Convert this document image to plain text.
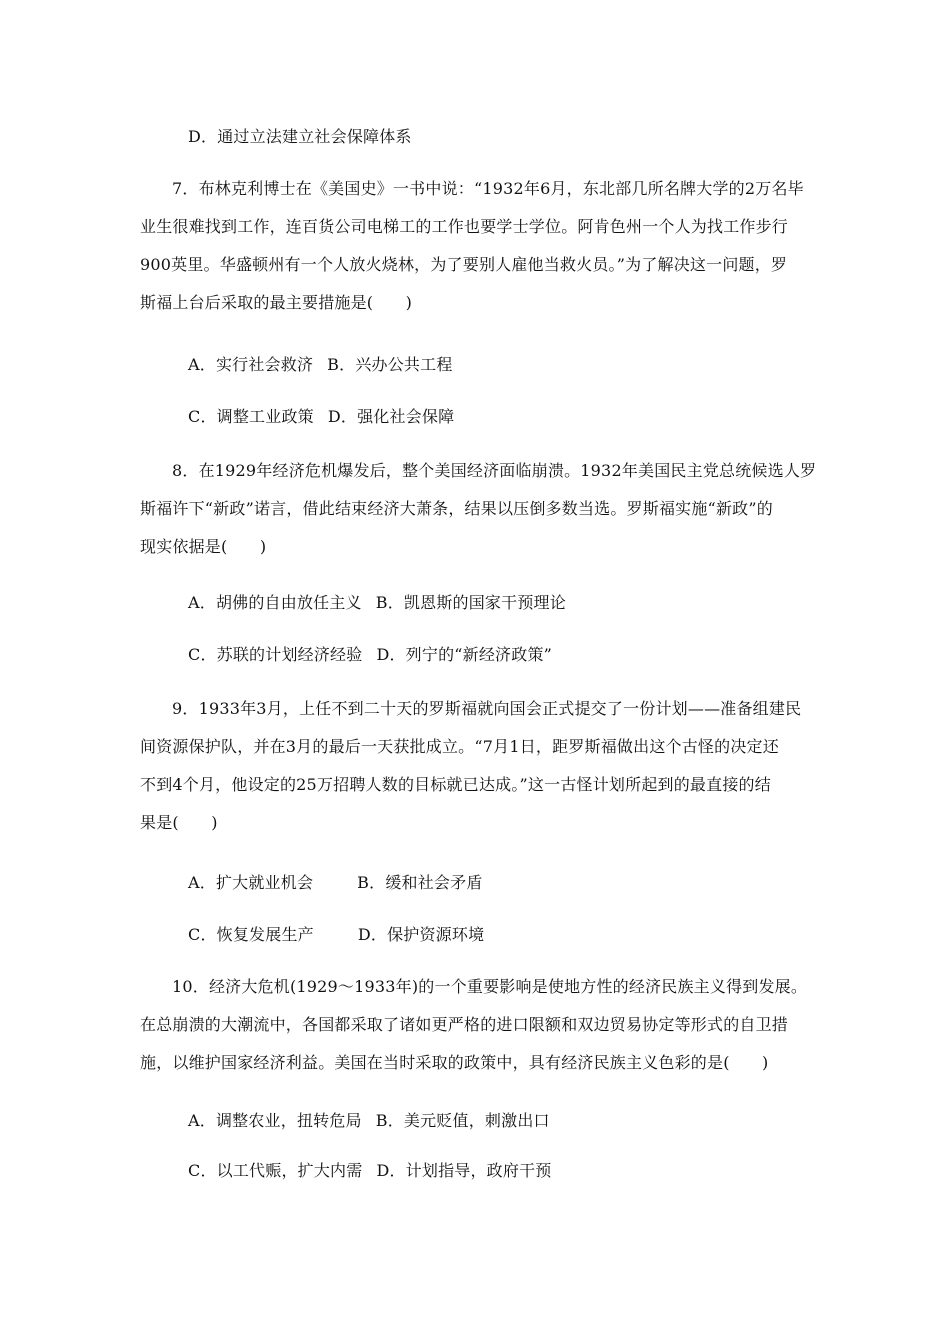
D．通过立法建立社会保障体系
7．布林克利博士在《美国史》一书中说：“1932年6月，东北部几所名牌大学的2万名毕
业生很难找到工作，连百货公司电梯工的工作也要学士学位。阿肯色州一个人为找工作步行
900英里。华盛顿州有一个人放火烧林，为了要别人雇他当救火员。”为了解决这一问题，罗
斯福上台后采取的最主要措施是(　　)
A．实行社会救济 B．兴办公共工程
C．调整工业政策 D．强化社会保障
8．在1929年经济危机爆发后，整个美国经济面临崩溃。1932年美国民主党总统候选人罗
斯福许下“新政”诺言，借此结束经济大萧条，结果以压倒多数当选。罗斯福实施“新政”的
现实依据是(　　)
A．胡佛的自由放任主义 B．凯恩斯的国家干预理论
C．苏联的计划经济经验 D．列宁的“新经济政策”
9．1933年3月，上任不到二十天的罗斯福就向国会正式提交了一份计划——准备组建民
间资源保护队，并在3月的最后一天获批成立。“7月1日，距罗斯福做出这个古怪的决定还
不到4个月，他设定的25万招聘人数的目标就已达成。”这一古怪计划所起到的最直接的结
果是(　　)
A．扩大就业机会	B．缓和社会矛盾
C．恢复发展生产	D．保护资源环境
10．经济大危机(1929～1933年)的一个重要影响是使地方性的经济民族主义得到发展。
在总崩溃的大潮流中，各国都采取了诸如更严格的进口限额和双边贸易协定等形式的自卫措
施，以维护国家经济利益。美国在当时采取的政策中，具有经济民族主义色彩的是(　　)
A．调整农业，扭转危局 B．美元贬值，刺激出口
C．以工代赈，扩大内需 D．计划指导，政府干预
